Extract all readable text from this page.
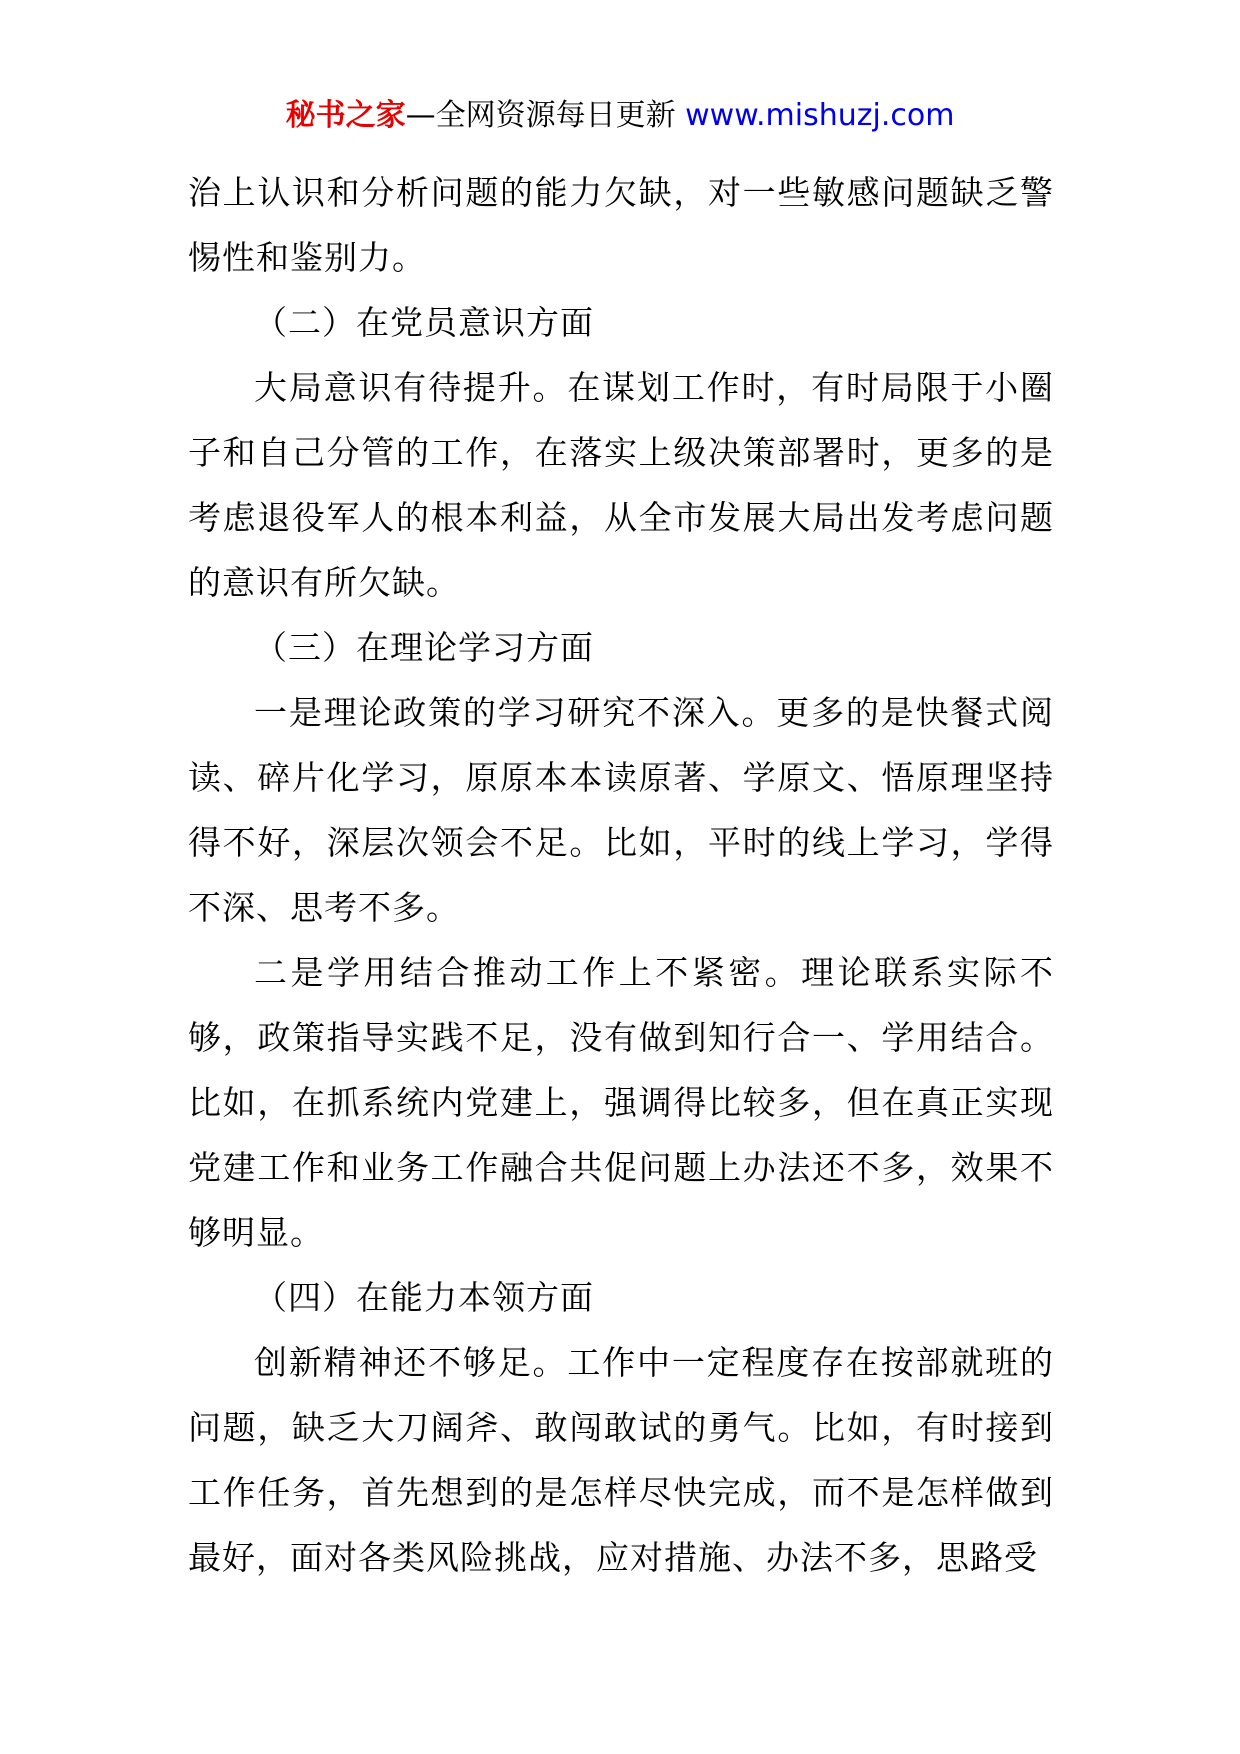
秘书之家—全网资源每日更新 www.mishuzj.com

治上认识和分析问题的能力欠缺，对一些敏感问题缺乏警惕性和鉴别力。

（二）在党员意识方面

大局意识有待提升。在谋划工作时，有时局限于小圈子和自己分管的工作，在落实上级决策部署时，更多的是考虑退役军人的根本利益，从全市发展大局出发考虑问题的意识有所欠缺。

（三）在理论学习方面

一是理论政策的学习研究不深入。更多的是快餐式阅读、碎片化学习，原原本本读原著、学原文、悟原理坚持得不好，深层次领会不足。比如，平时的线上学习，学得不深、思考不多。

二是学用结合推动工作上不紧密。理论联系实际不够，政策指导实践不足，没有做到知行合一、学用结合。比如，在抓系统内党建上，强调得比较多，但在真正实现党建工作和业务工作融合共促问题上办法还不多，效果不够明显。

（四）在能力本领方面

创新精神还不够足。工作中一定程度存在按部就班的问题，缺乏大刀阔斧、敢闯敢试的勇气。比如，有时接到工作任务，首先想到的是怎样尽快完成，而不是怎样做到最好，面对各类风险挑战，应对措施、办法不多，思路受
